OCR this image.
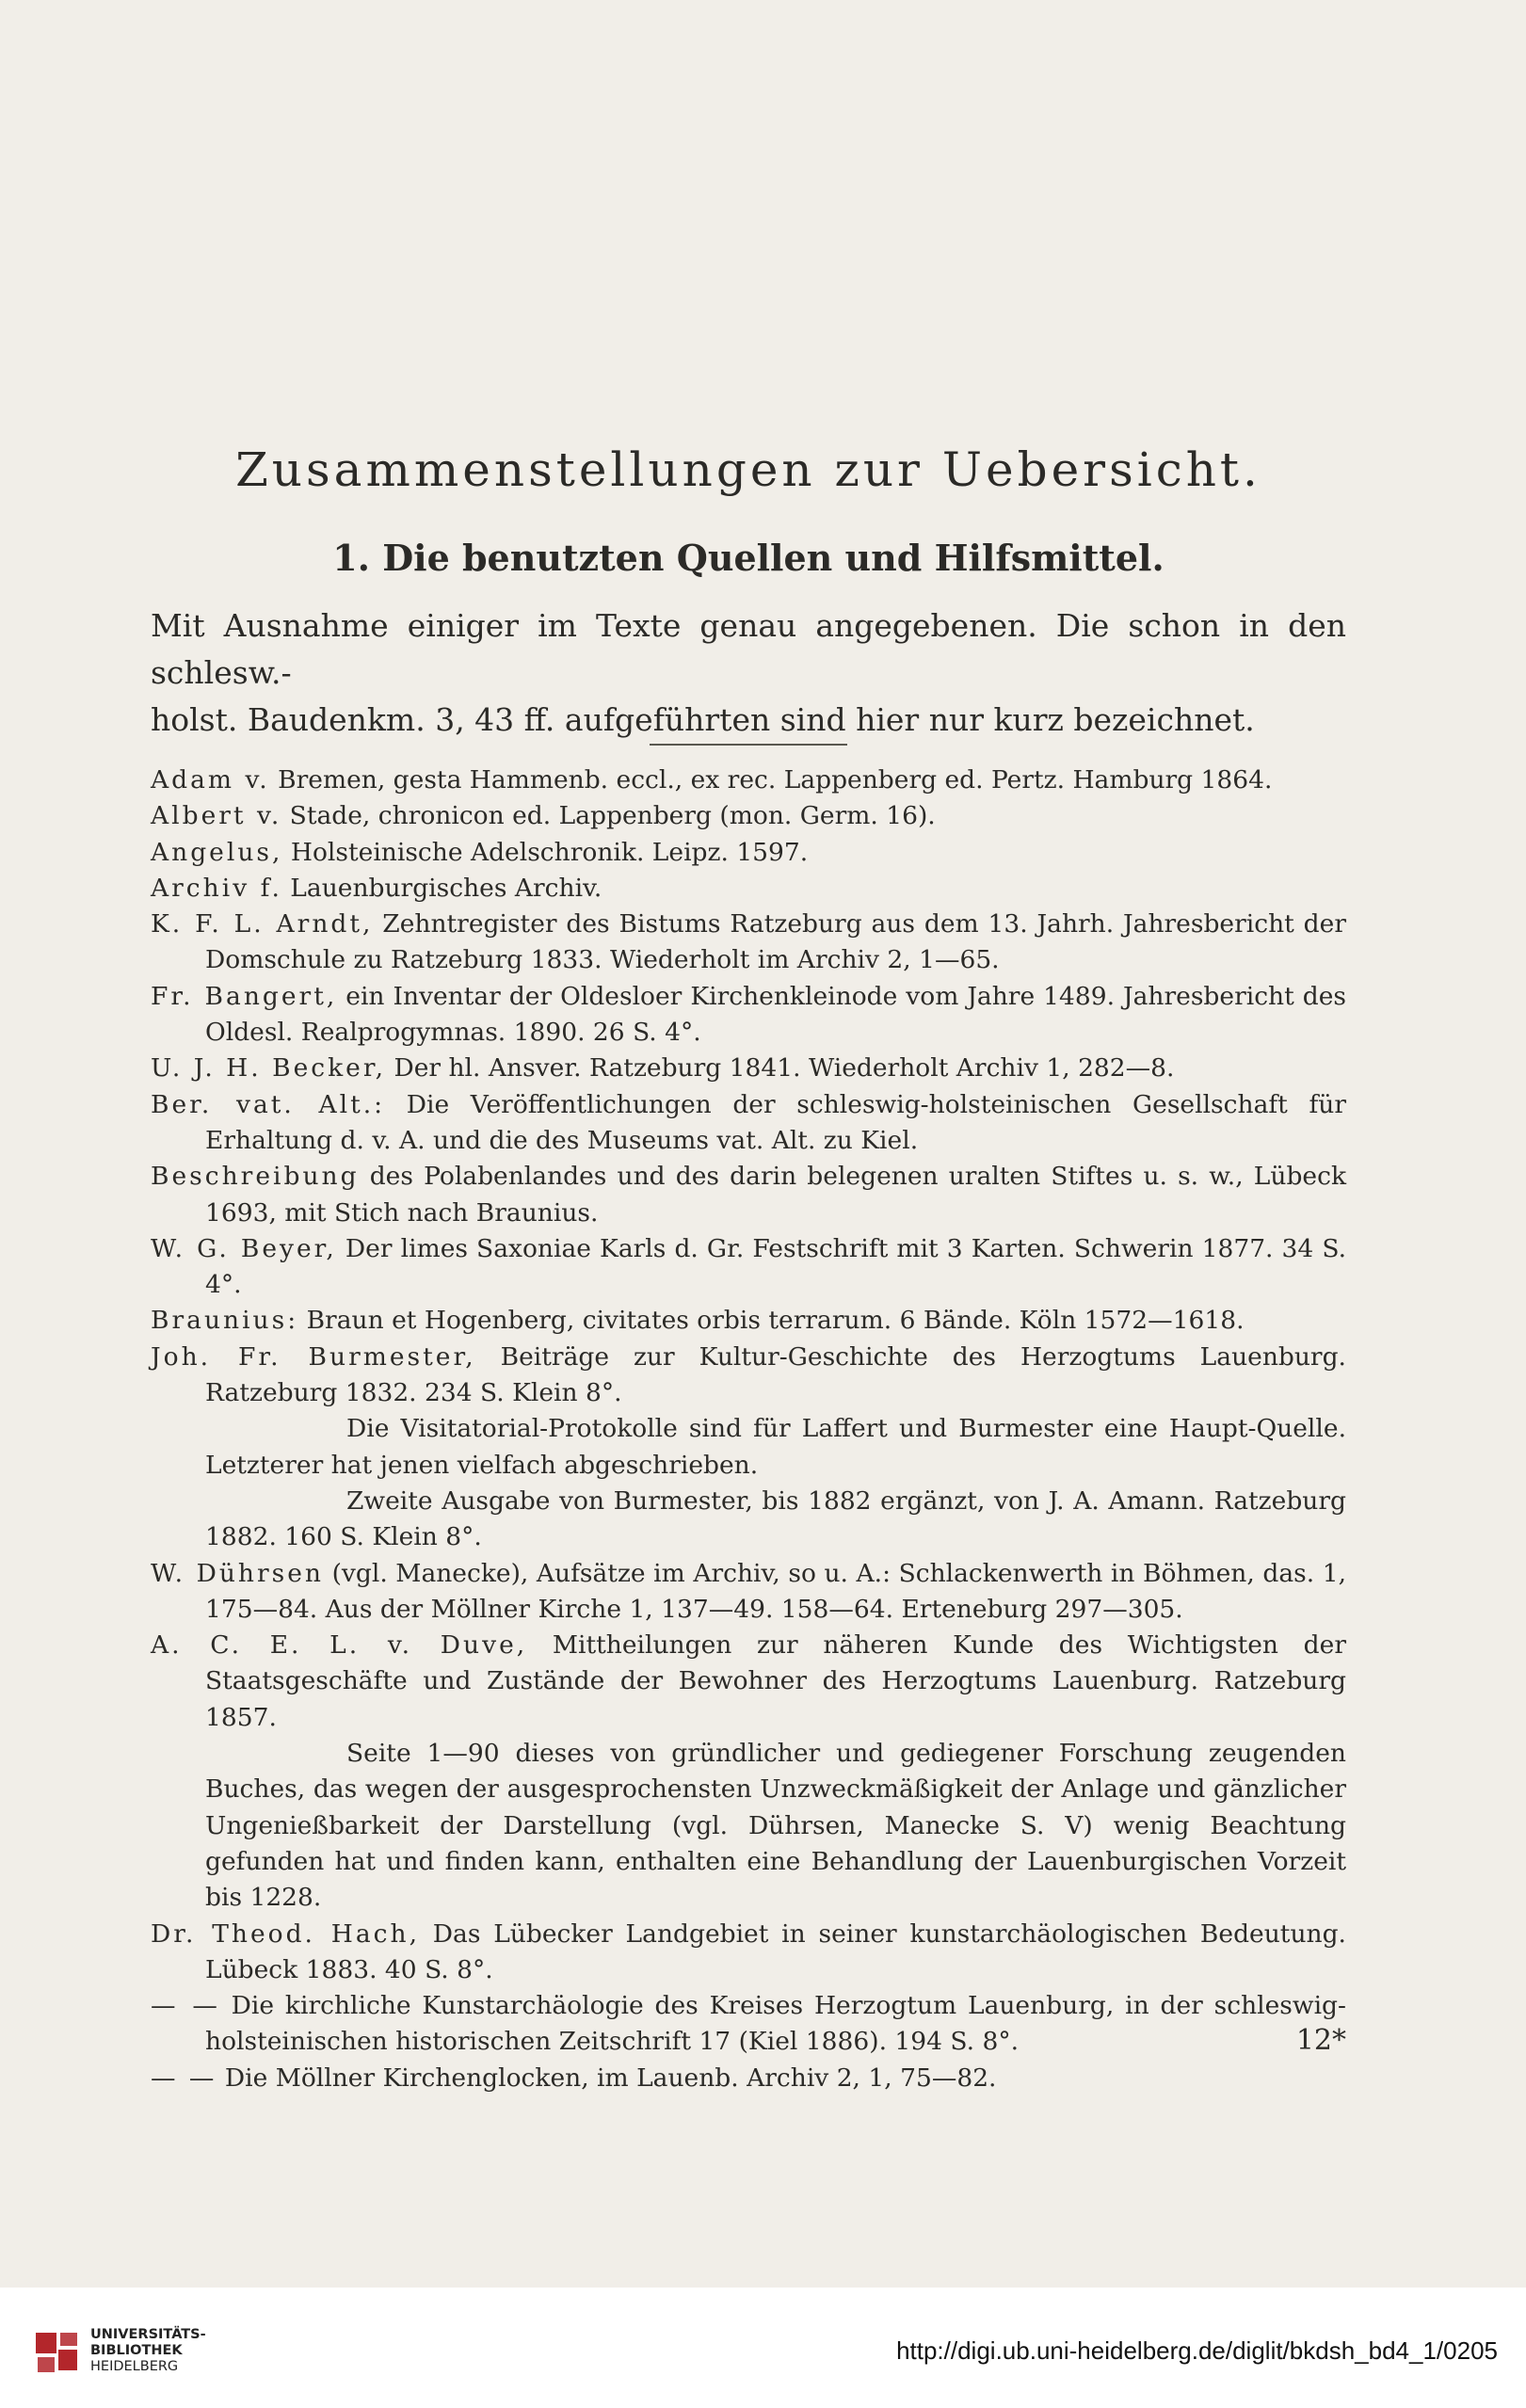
Zusammenstellungen zur Uebersicht.
1. Die benutzten Quellen und Hilfsmittel.

Mit Ausnahme einiger im Texte genau angegebenen. Die schon in den schlesw.-

holst. Baudenkm. 3, 43 ff. aufgeführten sind hier nur kurz bezeichnet.

Adam v. Bremen, gesta Hammenb. eccl., ex rec. Lappenberg ed. Pertz. Hamburg 1864.

Albert v. Stade, chronicon ed. Lappenberg (mon. Germ. 16).

Angelus, Holsteinische Adelschronik. Leipz. 1597.

Archiv f. Lauenburgisches Archiv.

K. F. L. Arndt, Zehntregister des Bistums Ratzeburg aus dem 13. Jahrh. Jahresbericht der Domschule zu Ratzeburg 1833. Wiederholt im Archiv 2, 1—65.

Fr. Bangert, ein Inventar der Oldesloer Kirchenkleinode vom Jahre 1489. Jahresbericht des Oldesl. Realprogymnas. 1890. 26 S. 4°.

U. J. H. Becker, Der hl. Ansver. Ratzeburg 1841. Wiederholt Archiv 1, 282—8.

Ber. vat. Alt.: Die Veröffentlichungen der schleswig-holsteinischen Gesellschaft für Erhaltung d. v. A. und die des Museums vat. Alt. zu Kiel.

Beschreibung des Polabenlandes und des darin belegenen uralten Stiftes u. s. w., Lübeck 1693, mit Stich nach Braunius.

W. G. Beyer, Der limes Saxoniae Karls d. Gr. Festschrift mit 3 Karten. Schwerin 1877. 34 S. 4°.

Braunius: Braun et Hogenberg, civitates orbis terrarum. 6 Bände. Köln 1572—1618.

Joh. Fr. Burmester, Beiträge zur Kultur-Geschichte des Herzogtums Lauenburg. Ratzeburg 1832. 234 S. Klein 8°.

Die Visitatorial-Protokolle sind für Laffert und Burmester eine Haupt-Quelle. Letzterer hat jenen vielfach abgeschrieben.

Zweite Ausgabe von Burmester, bis 1882 ergänzt, von J. A. Amann. Ratzeburg 1882. 160 S. Klein 8°.

W. Dührsen (vgl. Manecke), Aufsätze im Archiv, so u. A.: Schlackenwerth in Böhmen, das. 1, 175—84. Aus der Möllner Kirche 1, 137—49. 158—64. Erteneburg 297—305.

A. C. E. L. v. Duve, Mittheilungen zur näheren Kunde des Wichtigsten der Staatsgeschäfte und Zustände der Bewohner des Herzogtums Lauenburg. Ratzeburg 1857.

Seite 1—90 dieses von gründlicher und gediegener Forschung zeugenden Buches, das wegen der ausgesprochensten Unzweckmäßigkeit der Anlage und gänzlicher Ungenießbarkeit der Darstellung (vgl. Dührsen, Manecke S. V) wenig Beachtung gefunden hat und finden kann, enthalten eine Behandlung der Lauenburgischen Vorzeit bis 1228.

Dr. Theod. Hach, Das Lübecker Landgebiet in seiner kunstarchäologischen Bedeutung. Lübeck 1883. 40 S. 8°.

— — Die kirchliche Kunstarchäologie des Kreises Herzogtum Lauenburg, in der schleswig-holsteinischen historischen Zeitschrift 17 (Kiel 1886). 194 S. 8°.

— — Die Möllner Kirchenglocken, im Lauenb. Archiv 2, 1, 75—82.

12*
UNIVERSITÄTS-
BIBLIOTHEK
HEIDELBERG
http://digi.ub.uni-heidelberg.de/diglit/bkdsh_bd4_1/0205
